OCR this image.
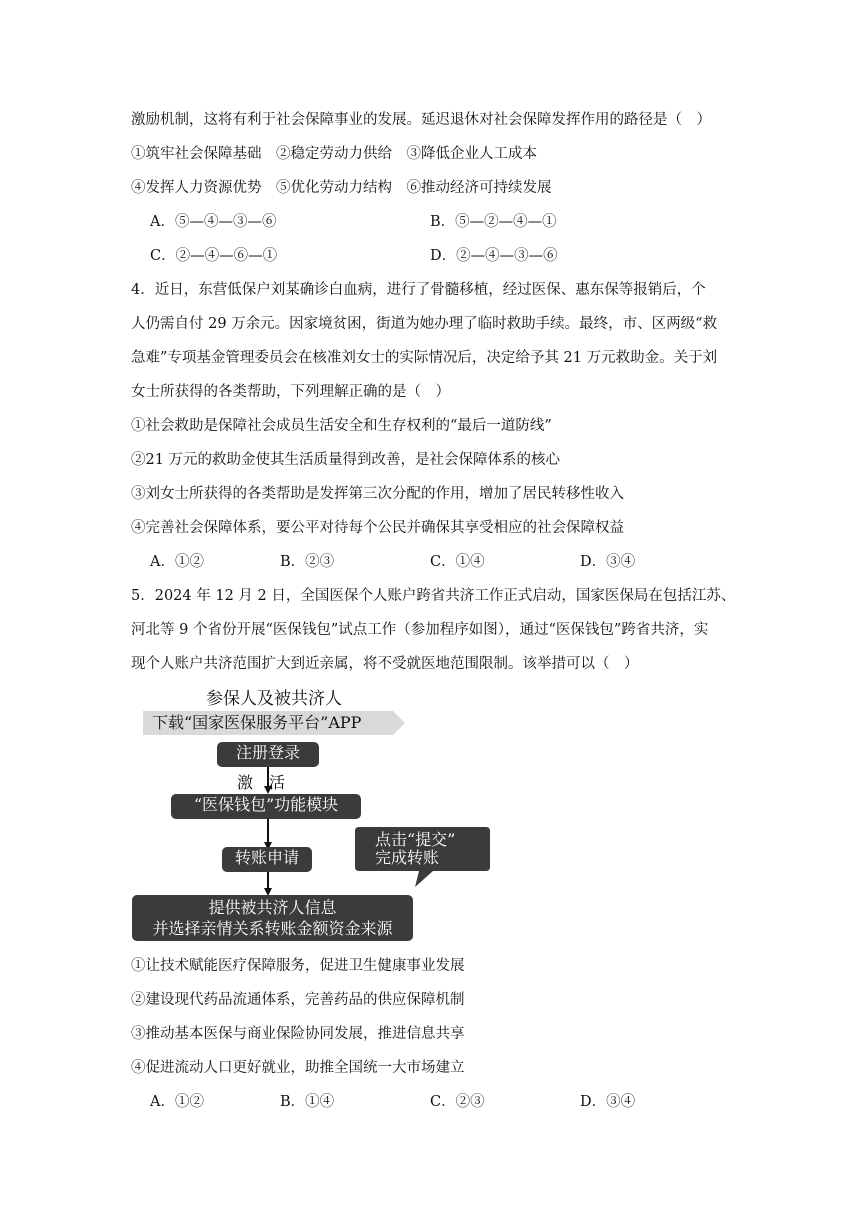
激励机制，这将有利于社会保障事业的发展。延迟退休对社会保障发挥作用的路径是（　）
①筑牢社会保障基础　②稳定劳动力供给　③降低企业人工成本
④发挥人力资源优势　⑤优化劳动力结构　⑥推动经济可持续发展
A．⑤—④—③—⑥	B．⑤—②—④—①
C．②—④—⑥—①	D．②—④—③—⑥
4．近日，东营低保户刘某确诊白血病，进行了骨髓移植，经过医保、惠东保等报销后，个
人仍需自付 29 万余元。因家境贫困，街道为她办理了临时救助手续。最终，市、区两级“救
急难”专项基金管理委员会在核准刘女士的实际情况后，决定给予其 21 万元救助金。关于刘
女士所获得的各类帮助，下列理解正确的是（　）
①社会救助是保障社会成员生活安全和生存权利的“最后一道防线”
②21 万元的救助金使其生活质量得到改善，是社会保障体系的核心
③刘女士所获得的各类帮助是发挥第三次分配的作用，增加了居民转移性收入
④完善社会保障体系，要公平对待每个公民并确保其享受相应的社会保障权益
A．①②	B．②③	C．①④	D．③④
5．2024 年 12 月 2 日，全国医保个人账户跨省共济工作正式启动，国家医保局在包括江苏、
河北等 9 个省份开展“医保钱包”试点工作（参加程序如图），通过“医保钱包”跨省共济，实
现个人账户共济范围扩大到近亲属，将不受就医地范围限制。该举措可以（　）
参保人及被共济人
下载“国家医保服务平台”APP
注册登录
激　活
“医保钱包”功能模块
转账申请
点击“提交”
完成转账
提供被共济人信息
并选择亲情关系转账金额资金来源
①让技术赋能医疗保障服务，促进卫生健康事业发展
②建设现代药品流通体系，完善药品的供应保障机制
③推动基本医保与商业保险协同发展，推进信息共享
④促进流动人口更好就业，助推全国统一大市场建立
A．①②	B．①④	C．②③	D．③④
